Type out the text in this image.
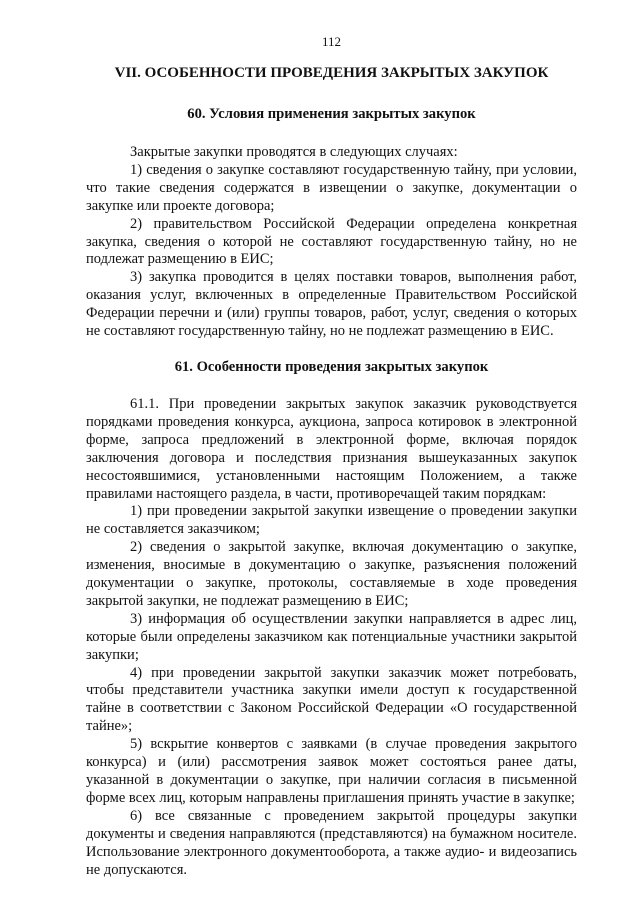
112
VII. ОСОБЕННОСТИ ПРОВЕДЕНИЯ ЗАКРЫТЫХ ЗАКУПОК
60. Условия применения закрытых закупок

Закрытые закупки проводятся в следующих случаях:

1) сведения о закупке составляют государственную тайну, при условии, что такие сведения содержатся в извещении о закупке, документации о закупке или проекте договора;

2) правительством Российской Федерации определена конкретная закупка, сведения о которой не составляют государственную тайну, но не подлежат размещению в ЕИС;

3) закупка проводится в целях поставки товаров, выполнения работ, оказания услуг, включенных в определенные Правительством Российской Федерации перечни и (или) группы товаров, работ, услуг, сведения о которых не составляют государственную тайну, но не подлежат размещению в ЕИС.

61. Особенности проведения закрытых закупок

61.1. При проведении закрытых закупок заказчик руководствуется порядками проведения конкурса, аукциона, запроса котировок в электронной форме, запроса предложений в электронной форме, включая порядок заключения договора и последствия признания вышеуказанных закупок несостоявшимися, установленными настоящим Положением, а также правилами настоящего раздела, в части, противоречащей таким порядкам:

1) при проведении закрытой закупки извещение о проведении закупки не составляется заказчиком;

2) сведения о закрытой закупке, включая документацию о закупке, изменения, вносимые в документацию о закупке, разъяснения положений документации о закупке, протоколы, составляемые в ходе проведения закрытой закупки, не подлежат размещению в ЕИС;

3) информация об осуществлении закупки направляется в адрес лиц, которые были определены заказчиком как потенциальные участники закрытой закупки;

4) при проведении закрытой закупки заказчик может потребовать, чтобы представители участника закупки имели доступ к государственной тайне в соответствии с Законом Российской Федерации «О государственной тайне»;

5) вскрытие конвертов с заявками (в случае проведения закрытого конкурса) и (или) рассмотрения заявок может состояться ранее даты, указанной в документации о закупке, при наличии согласия в письменной форме всех лиц, которым направлены приглашения принять участие в закупке;

6) все связанные с проведением закрытой процедуры закупки документы и сведения направляются (представляются) на бумажном носителе. Использование электронного документооборота, а также аудио- и видеозапись не допускаются.
